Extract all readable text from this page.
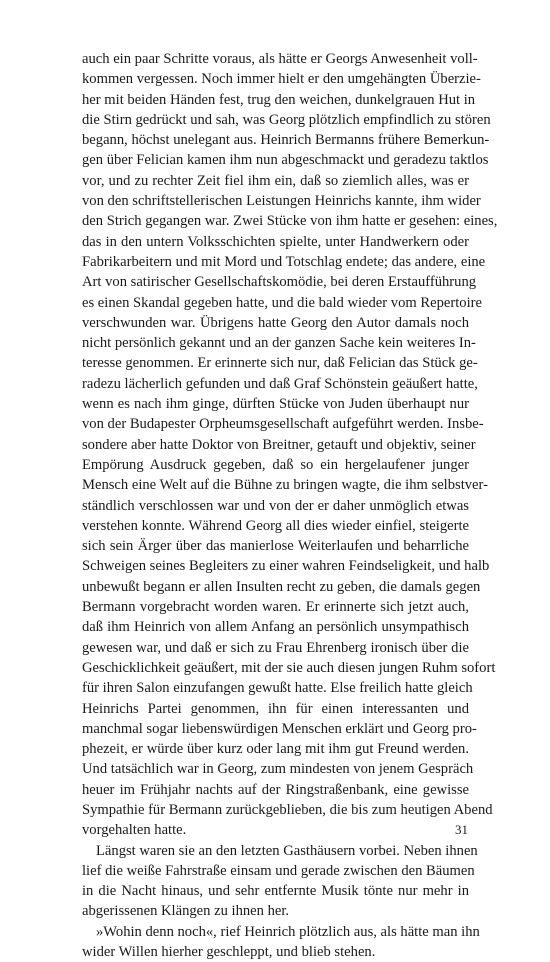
auch ein paar Schritte voraus, als hätte er Georgs Anwesenheit voll-
kommen vergessen. Noch immer hielt er den umgehängten Überzie-
her mit beiden Händen fest, trug den weichen, dunkelgrauen Hut in
die Stirn gedrückt und sah, was Georg plötzlich empfindlich zu stören
begann, höchst unelegant aus. Heinrich Bermanns frühere Bemerkun-
gen über Felician kamen ihm nun abgeschmackt und geradezu taktlos
vor, und zu rechter Zeit fiel ihm ein, daß so ziemlich alles, was er
von den schriftstellerischen Leistungen Heinrichs kannte, ihm wider
den Strich gegangen war. Zwei Stücke von ihm hatte er gesehen: eines,
das in den untern Volksschichten spielte, unter Handwerkern oder
Fabrikarbeitern und mit Mord und Totschlag endete; das andere, eine
Art von satirischer Gesellschaftskomödie, bei deren Erstaufführung
es einen Skandal gegeben hatte, und die bald wieder vom Repertoire
verschwunden war. Übrigens hatte Georg den Autor damals noch
nicht persönlich gekannt und an der ganzen Sache kein weiteres In-
teresse genommen. Er erinnerte sich nur, daß Felician das Stück ge-
radezu lächerlich gefunden und daß Graf Schönstein geäußert hatte,
wenn es nach ihm ginge, dürften Stücke von Juden überhaupt nur
von der Budapester Orpheumsgesellschaft aufgeführt werden. Insbe-
sondere aber hatte Doktor von Breitner, getauft und objektiv, seiner
Empörung Ausdruck gegeben, daß so ein hergelaufener junger
Mensch eine Welt auf die Bühne zu bringen wagte, die ihm selbstver-
ständlich verschlossen war und von der er daher unmöglich etwas
verstehen konnte. Während Georg all dies wieder einfiel, steigerte
sich sein Ärger über das manierlose Weiterlaufen und beharrliche
Schweigen seines Begleiters zu einer wahren Feindseligkeit, und halb
unbewußt begann er allen Insulten recht zu geben, die damals gegen
Bermann vorgebracht worden waren. Er erinnerte sich jetzt auch,
daß ihm Heinrich von allem Anfang an persönlich unsympathisch
gewesen war, und daß er sich zu Frau Ehrenberg ironisch über die
Geschicklichkeit geäußert, mit der sie auch diesen jungen Ruhm sofort
für ihren Salon einzufangen gewußt hatte. Else freilich hatte gleich
Heinrichs Partei genommen, ihn für einen interessanten und
manchmal sogar liebenswürdigen Menschen erklärt und Georg pro-
phezeit, er würde über kurz oder lang mit ihm gut Freund werden.
Und tatsächlich war in Georg, zum mindesten von jenem Gespräch
heuer im Frühjahr nachts auf der Ringstraßenbank, eine gewisse
Sympathie für Bermann zurückgeblieben, die bis zum heutigen Abend
vorgehalten hatte.
Längst waren sie an den letzten Gasthäusern vorbei. Neben ihnen
lief die weiße Fahrstraße einsam und gerade zwischen den Bäumen
in die Nacht hinaus, und sehr entfernte Musik tönte nur mehr in
abgerissenen Klängen zu ihnen her.
»Wohin denn noch«, rief Heinrich plötzlich aus, als hätte man ihn
wider Willen hierher geschleppt, und blieb stehen.
31
